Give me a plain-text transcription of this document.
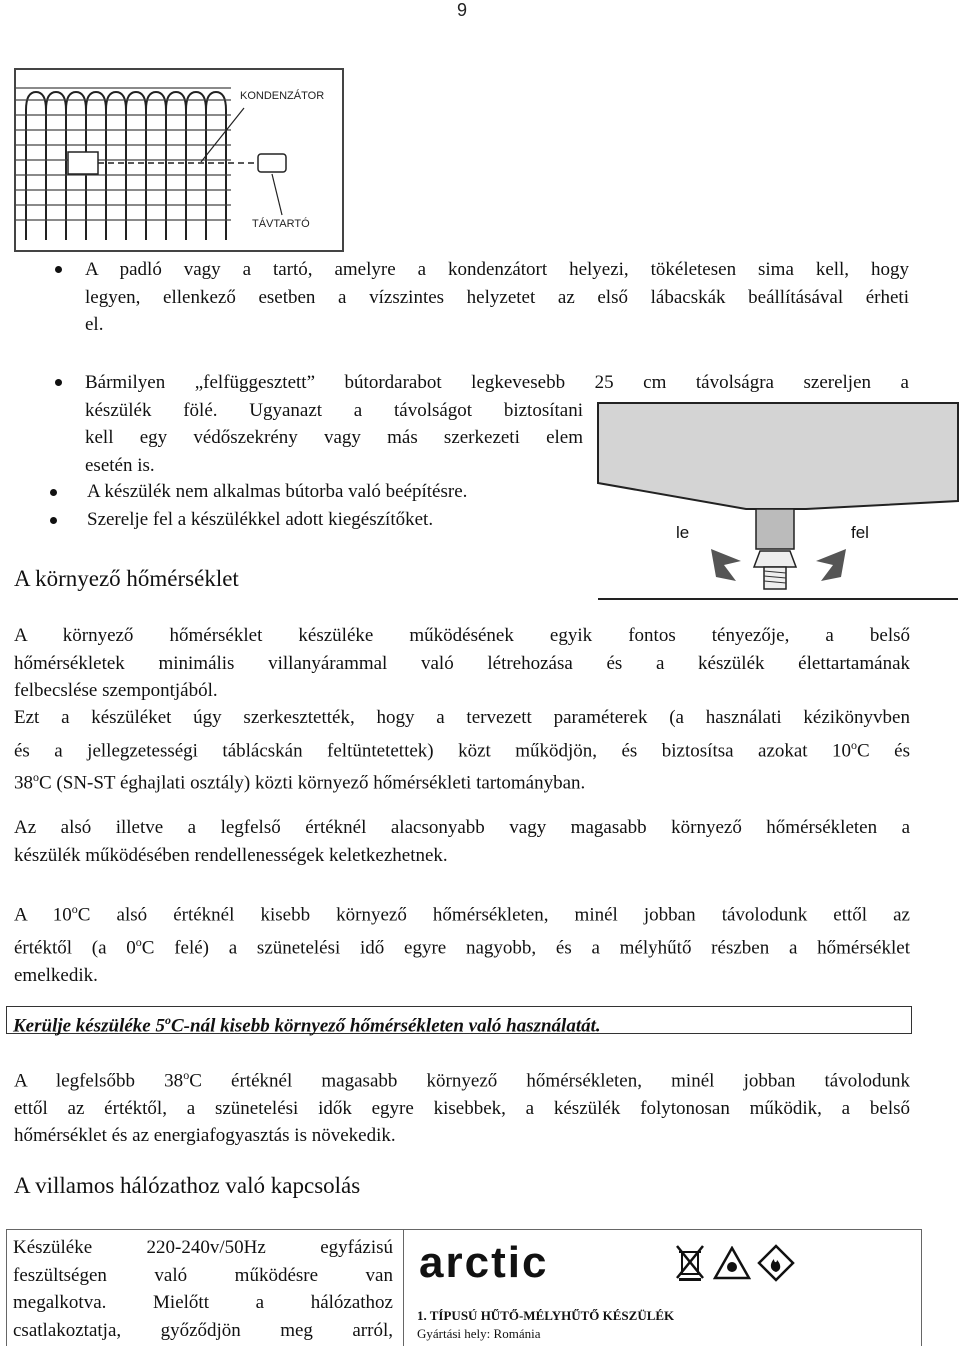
9
KONDENZÁTOR
TÁVTARTÓ
A padló vagy a tartó, amelyre a kondenzátort helyezi, tökéletesen sima kell, hogy
legyen, ellenkező esetben a vízszintes helyzetet az első lábacskák beállításával érheti
el.
Bármilyen „felfüggesztett” bútordarabot legkevesebb 25 cm távolságra szereljen a
készülék fölé. Ugyanazt a távolságot biztosítani
kell egy védőszekrény vagy más szerkezeti elem
esetén is.
A készülék nem alkalmas bútorba való beépítésre.
Szerelje fel a készülékkel adott kiegészítőket.
le	fel
A környező hőmérséklet
A környező hőmérséklet készüléke működésének egyik fontos tényezője, a belső
hőmérsékletek minimális villanyárammal való létrehozása és a készülék élettartamának
felbecslése szempontjából.
Ezt a készüléket úgy szerkesztették, hogy a tervezett paraméterek (a használati kézikönyvben
és a jellegzetességi táblácskán feltüntetettek) közt működjön, és biztosítsa azokat 10$^o$C és
38$^o$C (SN-ST éghajlati osztály) közti környező hőmérsékleti tartományban.
Az alsó illetve a legfelső értéknél alacsonyabb vagy magasabb környező hőmérsékleten a
készülék működésében rendellenességek keletkezhetnek.
A 10$^o$C alsó értéknél kisebb környező hőmérsékleten, minél jobban távolodunk ettől az
értéktől (a 0$^o$C felé) a szünetelési idő egyre nagyobb, és a mélyhűtő részben a hőmérséklet
emelkedik.
Kerülje készüléke 5$^o$C-nál kisebb környező hőmérsékleten való használatát.
A legfelsőbb 38$^o$C értéknél magasabb környező hőmérsékleten, minél jobban távolodunk
ettől az értéktől, a szünetelési idők egyre kisebbek, a készülék folytonosan működik, a belső
hőmérséklet és az energiafogyasztás is növekedik.
A villamos hálózathoz való kapcsolás
Készüléke 220-240v/50Hz egyfázisú
feszültségen való működésre van
megalkotva. Mielőtt a hálózathoz
csatlakoztatja, győződjön meg arról,
arctic
1. TÍPUSÚ HŰTŐ-MÉLYHŰTŐ KÉSZÜLÉK
Gyártási hely: Románia
